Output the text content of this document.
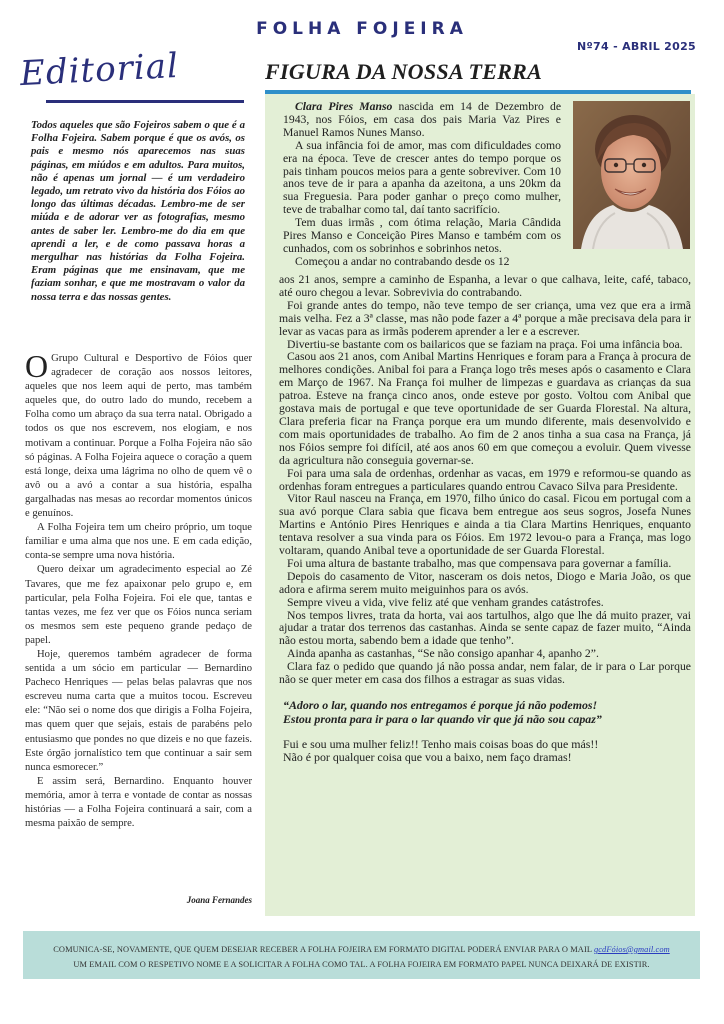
FOLHA FOJEIRA
Nº74 - ABRIL 2025
Editorial
Todos aqueles que são Fojeiros sabem o que é a Folha Fojeira. Sabem porque é que os avós, os pais e mesmo nós aparecemos nas suas páginas, em miúdos e em adultos. Para muitos, não é apenas um jornal — é um verdadeiro legado, um retrato vivo da história dos Fóios ao longo das últimas décadas. Lembro-me de ser miúda e de adorar ver as fotografias, mesmo antes de saber ler. Lembro-me do dia em que aprendi a ler, e de como passava horas a mergulhar nas histórias da Folha Fojeira. Eram páginas que me ensinavam, que me faziam sonhar, e que me mostravam o valor da nossa terra e das nossas gentes.

O Grupo Cultural e Desportivo de Fóios quer agradecer de coração aos nossos leitores, aqueles que nos leem aqui de perto, mas também aqueles que, do outro lado do mundo, recebem a Folha como um abraço da sua terra natal. Obrigado a todos os que nos escrevem, nos elogiam, e nos motivam a continuar. Porque a Folha Fojeira não são só páginas. A Folha Fojeira aquece o coração a quem está longe, deixa uma lágrima no olho de quem vê o avô ou a avó a contar a sua história, espalha gargalhadas nas mesas ao recordar momentos únicos e genuínos.

A Folha Fojeira tem um cheiro próprio, um toque familiar e uma alma que nos une. E em cada edição, conta-se sempre uma nova história.

Quero deixar um agradecimento especial ao Zé Tavares, que me fez apaixonar pelo grupo e, em particular, pela Folha Fojeira. Foi ele que, tantas e tantas vezes, me fez ver que os Fóios nunca seriam os mesmos sem este pequeno grande pedaço de papel.

Hoje, queremos também agradecer de forma sentida a um sócio em particular — Bernardino Pacheco Henriques — pelas belas palavras que nos escreveu numa carta que a muitos tocou. Escreveu ele: “Não sei o nome dos que dirigis a Folha Fojeira, mas quem quer que sejais, estais de parabéns pelo entusiasmo que pondes no que dizeis e no que fazeis. Este órgão jornalístico tem que continuar a sair sem nunca esmorecer.”

E assim será, Bernardino. Enquanto houver memória, amor à terra e vontade de contar as nossas histórias — a Folha Fojeira continuará a sair, com a mesma paixão de sempre.

Joana Fernandes
FIGURA DA NOSSA TERRA

Clara Pires Manso nascida em 14 de Dezembro de 1943, nos Fóios, em casa dos pais Maria Vaz Pires e Manuel Ramos Nunes Manso.

A sua infância foi de amor, mas com dificuldades como era na época. Teve de crescer antes do tempo porque os pais tinham poucos meios para a gente sobreviver. Com 10 anos teve de ir para a apanha da azeitona, a uns 20km da sua Freguesia. Para poder ganhar o preço como mulher, teve de trabalhar como tal, daí tanto sacrifício.

Tem duas irmãs , com ótima relação, Maria Cândida Pires Manso e Conceição Pires Manso e também com os cunhados, com os sobrinhos e sobrinhos netos.

Começou a andar no contrabando desde os 12

aos 21 anos, sempre a caminho de Espanha, a levar o que calhava, leite, café, tabaco, até ouro chegou a levar. Sobrevivia do contrabando.

Foi grande antes do tempo, não teve tempo de ser criança, uma vez que era a irmã mais velha. Fez a 3ª classe, mas não pode fazer a 4ª porque a mãe precisava dela para ir levar as vacas para as irmãs poderem aprender a ler e a escrever.

Divertiu-se bastante com os bailaricos que se faziam na praça. Foi uma infância boa.

Casou aos 21 anos, com Anibal Martins Henriques e foram para a França à procura de melhores condições. Anibal foi para a França logo três meses após o casamento e Clara em Março de 1967. Na França foi mulher de limpezas e guardava as crianças da sua patroa. Esteve na frança cinco anos, onde esteve por gosto. Voltou com Anibal que gostava mais de portugal e que teve oportunidade de ser Guarda Florestal. Na altura, Clara preferia ficar na França porque era um mundo diferente, mais desenvolvido e com mais oportunidades de trabalho. Ao fim de 2 anos tinha a sua casa na França, já nos Fóios sempre foi difícil, até aos anos 60 em que começou a evoluir. Quem vivesse da agricultura não conseguia governar-se.

Foi para uma sala de ordenhas, ordenhar as vacas, em 1979 e reformou-se quando as ordenhas foram entregues a particulares quando entrou Cavaco Silva para Presidente.

Vitor Raul nasceu na França, em 1970, filho único do casal. Ficou em portugal com a sua avó porque Clara sabia que ficava bem entregue aos seus sogros, Josefa Nunes Martins e António Pires Henriques e ainda a tia Clara Martins Henriques, enquanto tentava resolver a sua vinda para os Fóios. Em 1972 levou-o para a França, mas logo voltaram, quando Anibal teve a oportunidade de ser Guarda Florestal.

Foi uma altura de bastante trabalho, mas que compensava para governar a família.

Depois do casamento de Vitor, nasceram os dois netos, Diogo e Maria João, os que adora e afirma serem muito meiguinhos para os avós.

Sempre viveu a vida, vive feliz até que venham grandes catástrofes.

Nos tempos livres, trata da horta, vai aos tartulhos, algo que lhe dá muito prazer, vai ajudar a tratar dos terrenos das castanhas. Ainda se sente capaz de fazer muito, “Ainda não estou morta, sabendo bem a idade que tenho”.

Ainda apanha as castanhas, “Se não consigo apanhar 4, apanho 2”.

Clara faz o pedido que quando já não possa andar, nem falar, de ir para o Lar porque não se quer meter em casa dos filhos a estragar as suas vidas.

“Adoro o lar, quando nos entregamos é porque já não podemos!
Estou pronta para ir para o lar quando vir que já não sou capaz”
Fui e sou uma mulher feliz!! Tenho mais coisas boas do que más!!
Não é por qualquer coisa que vou a baixo, nem faço dramas!
COMUNICA-SE, NOVAMENTE, QUE QUEM DESEJAR RECEBER A FOLHA FOJEIRA EM FORMATO DIGITAL PODERÁ ENVIAR PARA O MAIL gcdFóios@gmail.com
UM EMAIL COM O RESPETIVO NOME E A SOLICITAR A FOLHA COMO TAL. A FOLHA FOJEIRA EM FORMATO PAPEL NUNCA DEIXARÁ DE EXISTIR.
